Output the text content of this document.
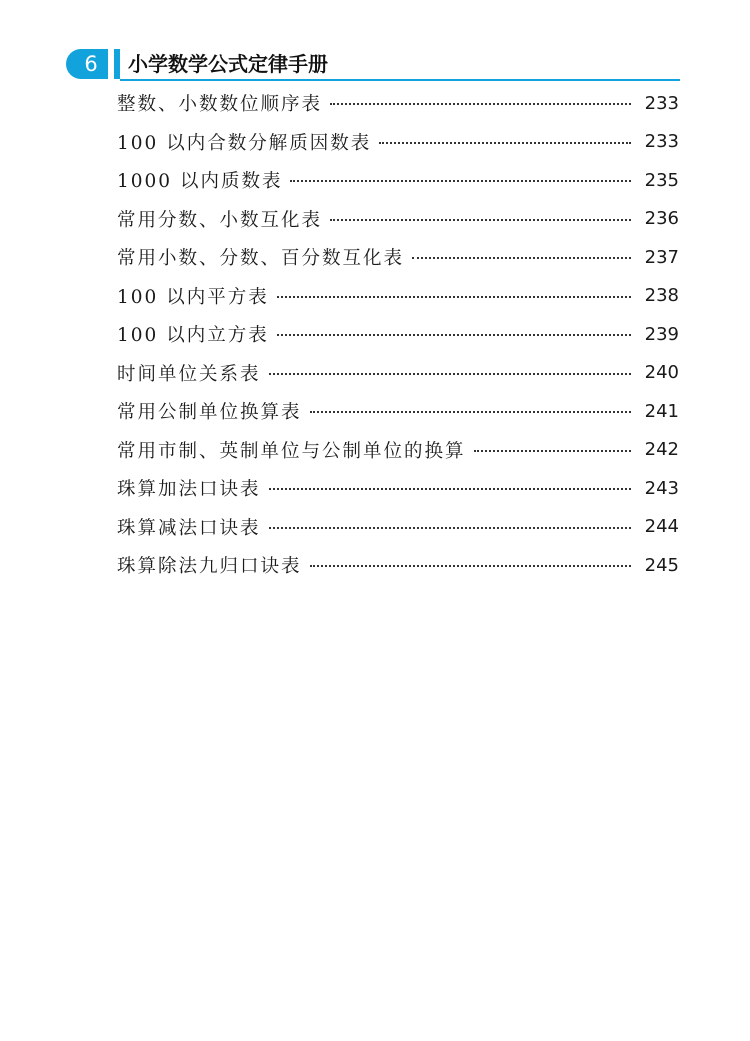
6	小学数学公式定律手册
整数、小数数位顺序表	233
100 以内合数分解质因数表	233
1000 以内质数表	235
常用分数、小数互化表	236
常用小数、分数、百分数互化表	237
100 以内平方表	238
100 以内立方表	239
时间单位关系表	240
常用公制单位换算表	241
常用市制、英制单位与公制单位的换算	242
珠算加法口诀表	243
珠算减法口诀表	244
珠算除法九归口诀表	245
